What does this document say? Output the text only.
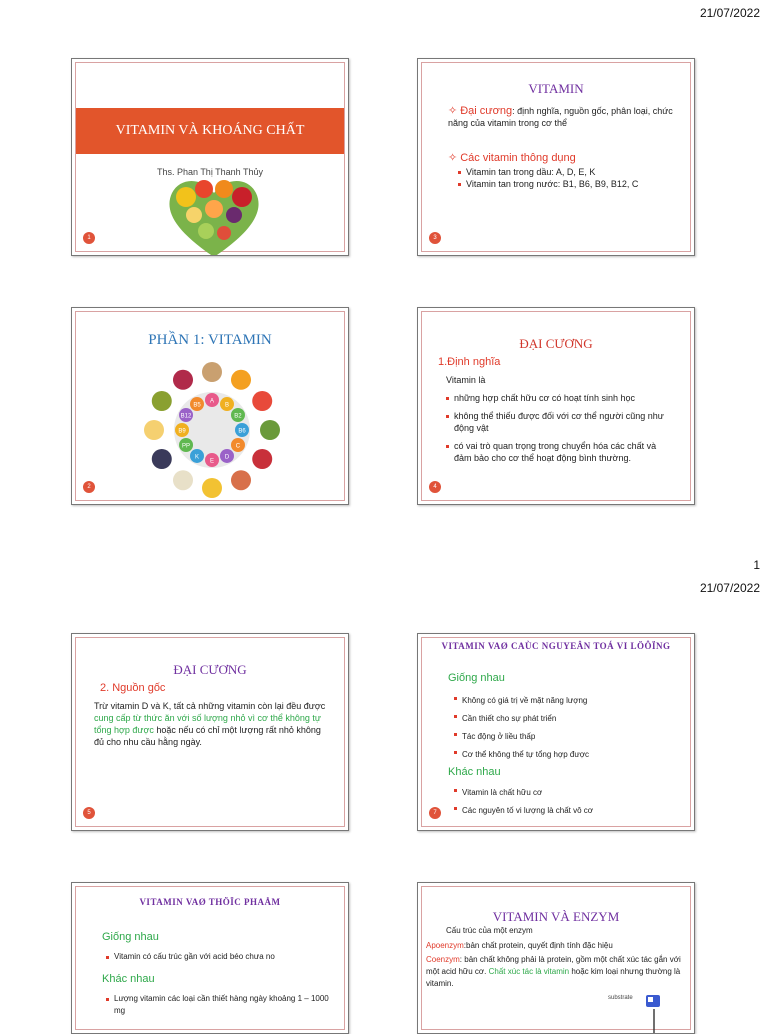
21/07/2022
VITAMIN VÀ KHOÁNG CHẤT
Ths. Phan Thị Thanh Thủy
1
VITAMIN
✧ Đại cương: định nghĩa, nguồn gốc, phân loại, chức năng của vitamin trong cơ thể
✧ Các vitamin thông dụng
Vitamin tan trong dầu: A, D, E, K
Vitamin tan trong nước: B1, B6, B9, B12, C
3
PHẦN 1: VITAMIN
A
B
B2
B6
C
D
E
K
PP
B9
B12
B5
2
ĐẠI CƯƠNG
1.Định nghĩa
Vitamin là
những hợp chất hữu cơ có hoạt tính sinh học
không thể thiếu được đối với cơ thể người cũng như động vật
có vai trò quan trọng trong chuyển hóa các chất và đảm bảo cho cơ thể hoạt động bình thường.
4
1
21/07/2022
ĐẠI CƯƠNG
2. Nguồn gốc
Trừ vitamin D và K, tất cả những vitamin còn lại đều được cung cấp từ thức ăn với số lượng nhỏ vì cơ thể không tự tổng hợp được hoặc nếu có chỉ một lượng rất nhỏ không đủ cho nhu cầu hằng ngày.
5
VITAMIN VAØ CAÙC NGUYEÂN TOÁ VI LÖÔÏNG
Giống nhau
Không có giá trị về mặt năng lượng
Cần thiết cho sự phát triển
Tác động ở liều thấp
Cơ thể không thể tự tổng hợp được
Khác nhau
Vitamin là chất hữu cơ
Các nguyên tố vi lượng là chất vô cơ
7
VITAMIN VAØ THÖÏC PHAÅM
Giống nhau
Vitamin có cấu trúc gần với acid béo chưa no
Khác nhau
Lượng vitamin các loại cần thiết hàng ngày khoảng 1 – 1000 mg
VITAMIN VÀ ENZYM
Cấu trúc của một enzym
Apoenzym:bản chất protein, quyết định tính đặc hiệu
Coenzym: bản chất không phải là protein, gồm một chất xúc tác gắn với một acid hữu cơ. Chất xúc tác là vitamin hoặc kim loại nhưng thường là vitamin.
substrate
